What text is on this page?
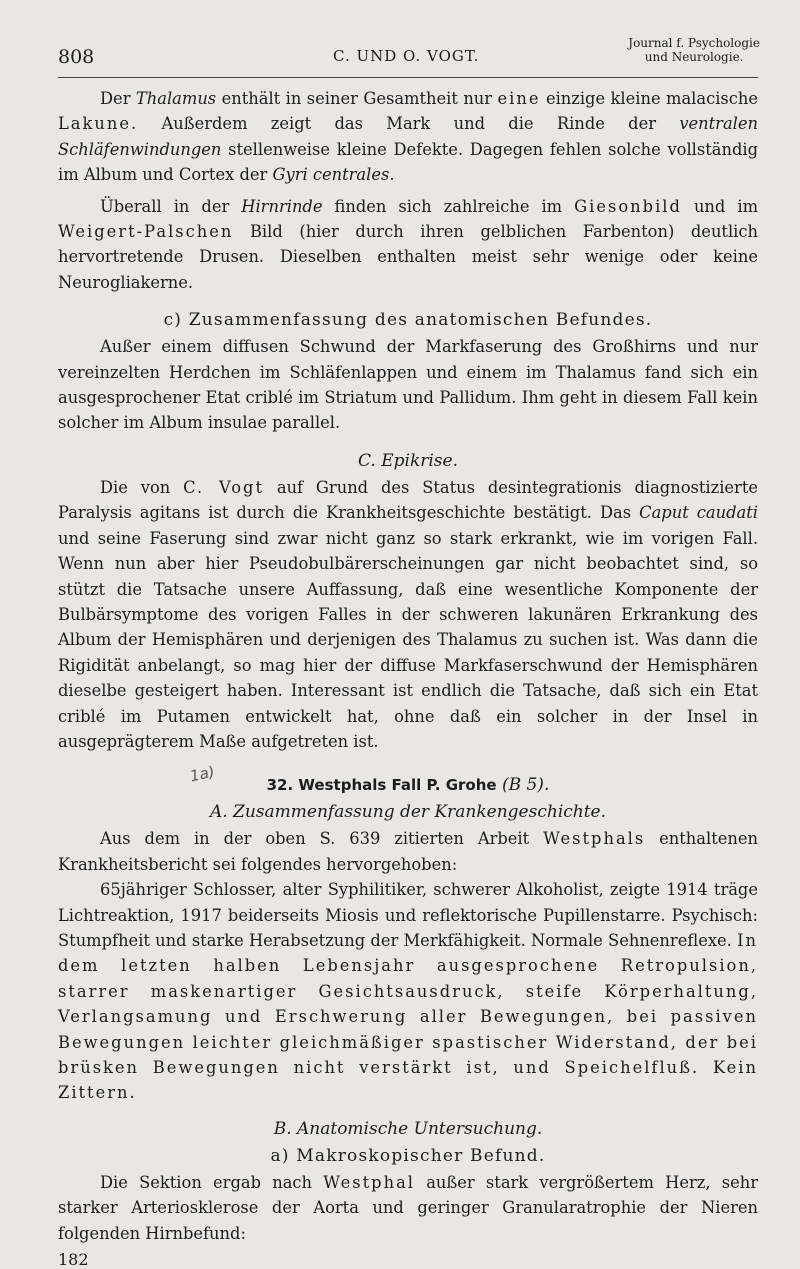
808	C. UND O. VOGT.
Journal f. Psychologie
und Neurologie.

Der Thalamus enthält in seiner Gesamtheit nur eine einzige kleine malacische Lakune. Außerdem zeigt das Mark und die Rinde der ventralen Schläfenwindungen stellenweise kleine Defekte. Dagegen fehlen solche vollständig im Album und Cortex der Gyri centrales.

Überall in der Hirnrinde finden sich zahlreiche im Giesonbild und im Weigert-Palschen Bild (hier durch ihren gelblichen Farbenton) deutlich hervortretende Drusen. Dieselben enthalten meist sehr wenige oder keine Neurogliakerne.

c) Zusammenfassung des anatomischen Befundes.

Außer einem diffusen Schwund der Markfaserung des Großhirns und nur vereinzelten Herdchen im Schläfenlappen und einem im Thalamus fand sich ein ausgesprochener Etat criblé im Striatum und Pallidum. Ihm geht in diesem Fall kein solcher im Album insulae parallel.

C. Epikrise.

Die von C. Vogt auf Grund des Status desintegrationis diagnostizierte Paralysis agitans ist durch die Krankheitsgeschichte bestätigt. Das Caput caudati und seine Faserung sind zwar nicht ganz so stark erkrankt, wie im vorigen Fall. Wenn nun aber hier Pseudobulbärerscheinungen gar nicht beobachtet sind, so stützt die Tatsache unsere Auffassung, daß eine wesentliche Komponente der Bulbärsymptome des vorigen Falles in der schweren lakunären Erkrankung des Album der Hemisphären und derjenigen des Thalamus zu suchen ist. Was dann die Rigidität anbelangt, so mag hier der diffuse Markfaserschwund der Hemisphären dieselbe gesteigert haben. Interessant ist endlich die Tatsache, daß sich ein Etat criblé im Putamen entwickelt hat, ohne daß ein solcher in der Insel in ausgeprägterem Maße aufgetreten ist.

32. Westphals Fall P. Grohe (B 5).
A. Zusammenfassung der Krankengeschichte.

Aus dem in der oben S. 639 zitierten Arbeit Westphals enthaltenen Krankheitsbericht sei folgendes hervorgehoben:

65jähriger Schlosser, alter Syphilitiker, schwerer Alkoholist, zeigte 1914 träge Lichtreaktion, 1917 beiderseits Miosis und reflektorische Pupillenstarre. Psychisch: Stumpfheit und starke Herabsetzung der Merkfähigkeit. Normale Sehnenreflexe. In dem letzten halben Lebensjahr ausgesprochene Retropulsion, starrer maskenartiger Gesichtsausdruck, steife Körperhaltung, Verlangsamung und Erschwerung aller Bewegungen, bei passiven Bewegungen leichter gleichmäßiger spastischer Widerstand, der bei brüsken Bewegungen nicht verstärkt ist, und Speichelfluß. Kein Zittern.

B. Anatomische Untersuchung.
a) Makroskopischer Befund.

Die Sektion ergab nach Westphal außer stark vergrößertem Herz, sehr starker Arteriosklerose der Aorta und geringer Granularatrophie der Nieren folgenden Hirnbefund:

182
1a)
